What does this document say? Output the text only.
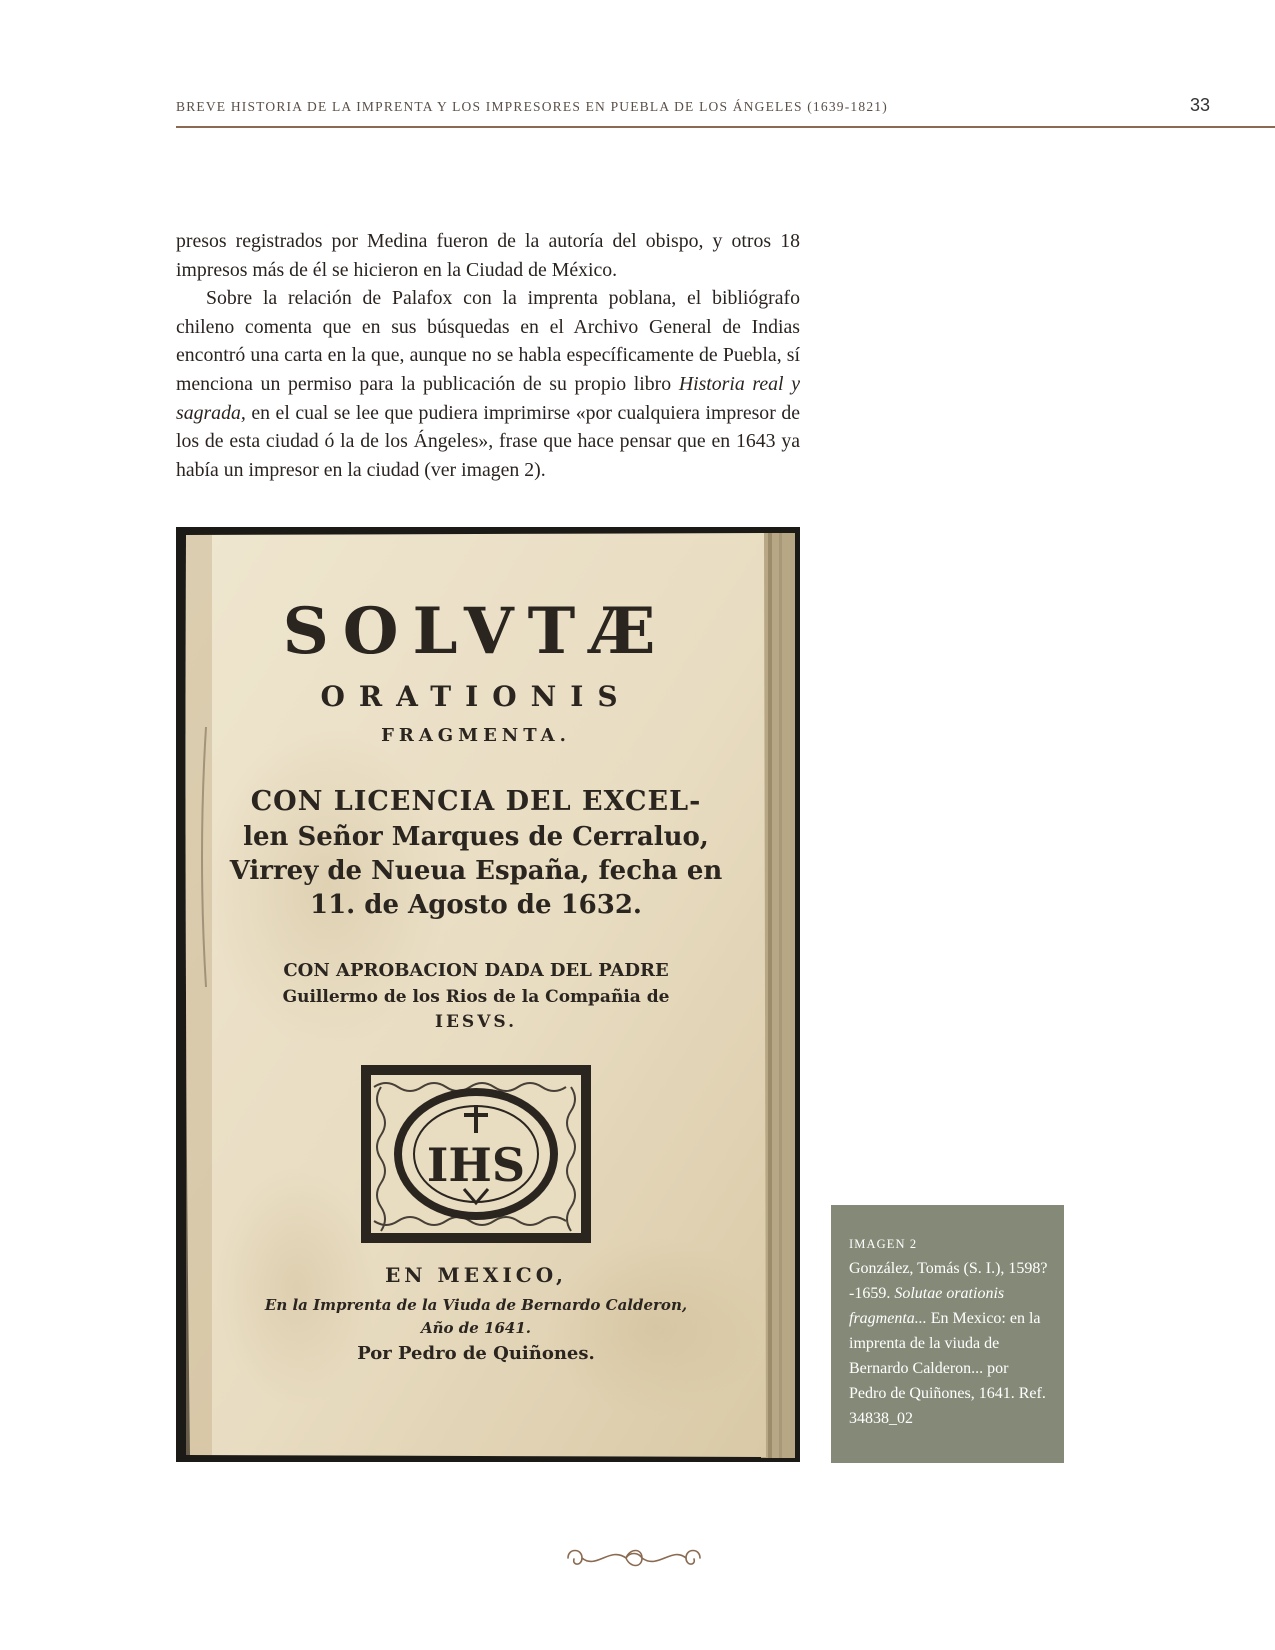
BREVE HISTORIA DE LA IMPRENTA Y LOS IMPRESORES EN PUEBLA DE LOS ÁNGELES (1639-1821)	33

presos registrados por Medina fueron de la autoría del obispo, y otros 18 impresos más de él se hicieron en la Ciudad de México.

Sobre la relación de Palafox con la imprenta poblana, el bibliógrafo chileno comenta que en sus búsquedas en el Archivo General de Indias encontró una carta en la que, aunque no se habla específicamente de Puebla, sí menciona un permiso para la publicación de su propio libro Historia real y sagrada, en el cual se lee que pudiera imprimirse «por cualquiera impresor de los de esta ciudad ó la de los Ángeles», frase que hace pensar que en 1643 ya había un impresor en la ciudad (ver imagen 2).

SOLVTÆ
ORATIONIS
FRAGMENTA.
CON LICENCIA DEL EXCEL-
len Señor Marques de Cerraluo,
Virrey de Nueua España, fecha en
11. de Agosto de 1632.
CON APROBACION DADA DEL PADRE
Guillermo de los Rios de la Compañia de
IESVS.
IHS
EN MEXICO,
En la Imprenta de la Viuda de Bernardo Calderon,
Año de 1641.
Por Pedro de Quiñones.
IMAGEN 2
González, Tomás (S. I.), 1598?-1659. Solutae orationis fragmenta... En Mexico: en la imprenta de la viuda de Bernardo Calderon... por Pedro de Quiñones, 1641. Ref. 34838_02
